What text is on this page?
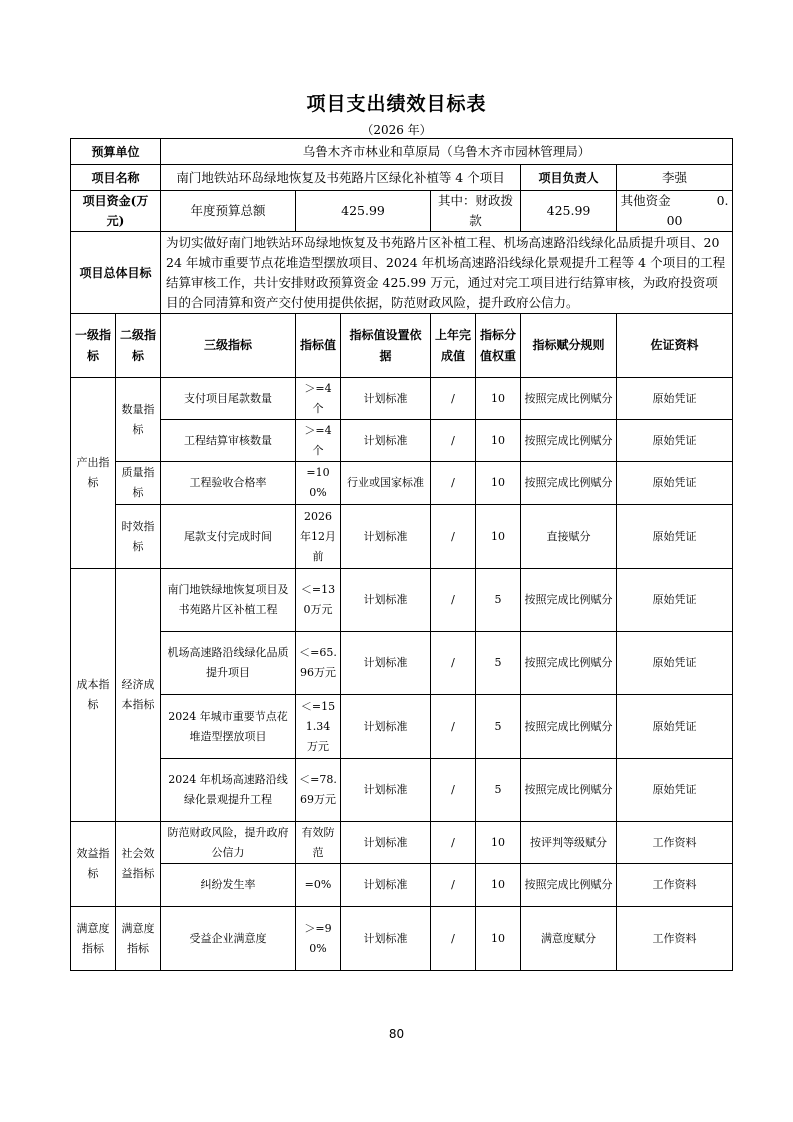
项目支出绩效目标表
（2026 年）
预算单位		乌鲁木齐市林业和草原局（乌鲁木齐市园林管理局）						
项目名称		南门地铁站环岛绿地恢复及书苑路片区绿化补植等 4 个项目					项目负责人	李强
项目资金(万元)		年度预算总额	425.99		其中：财政拨款		425.99	其他资金 0.00
项目总体目标		为切实做好南门地铁站环岛绿地恢复及书苑路片区补植工程、机场高速路沿线绿化品质提升项目、2024 年城市重要节点花堆造型摆放项目、2024 年机场高速路沿线绿化景观提升工程等 4 个项目的工程结算审核工作，共计安排财政预算资金 425.99 万元，通过对完工项目进行结算审核，为政府投资项目的合同清算和资产交付使用提供依据，防范财政风险，提升政府公信力。						
一级指标	二级指标	三级指标	指标值	指标值设置依据	上年完成值	指标分值权重	指标赋分规则	佐证资料
产出指标	数量指标	支付项目尾款数量	＞=4个	计划标准	/	10	按照完成比例赋分	原始凭证
		工程结算审核数量	＞=4个	计划标准	/	10	按照完成比例赋分	原始凭证
	质量指标	工程验收合格率	=100%	行业或国家标准	/	10	按照完成比例赋分	原始凭证
	时效指标	尾款支付完成时间	2026年12月前	计划标准	/	10	直接赋分	原始凭证
成本指标	经济成本指标	南门地铁绿地恢复项目及书苑路片区补植工程	＜=130万元	计划标准	/	5	按照完成比例赋分	原始凭证
		机场高速路沿线绿化品质提升项目	＜=65.96万元	计划标准	/	5	按照完成比例赋分	原始凭证
		2024 年城市重要节点花堆造型摆放项目	＜=151.34 万元	计划标准	/	5	按照完成比例赋分	原始凭证
		2024 年机场高速路沿线绿化景观提升工程	＜=78.69万元	计划标准	/	5	按照完成比例赋分	原始凭证
效益指标	社会效益指标	防范财政风险，提升政府公信力	有效防范	计划标准	/	10	按评判等级赋分	工作资料
		纠纷发生率	=0%	计划标准	/	10	按照完成比例赋分	工作资料
满意度指标	满意度指标	受益企业满意度	＞=90%	计划标准	/	10	满意度赋分	工作资料
80
